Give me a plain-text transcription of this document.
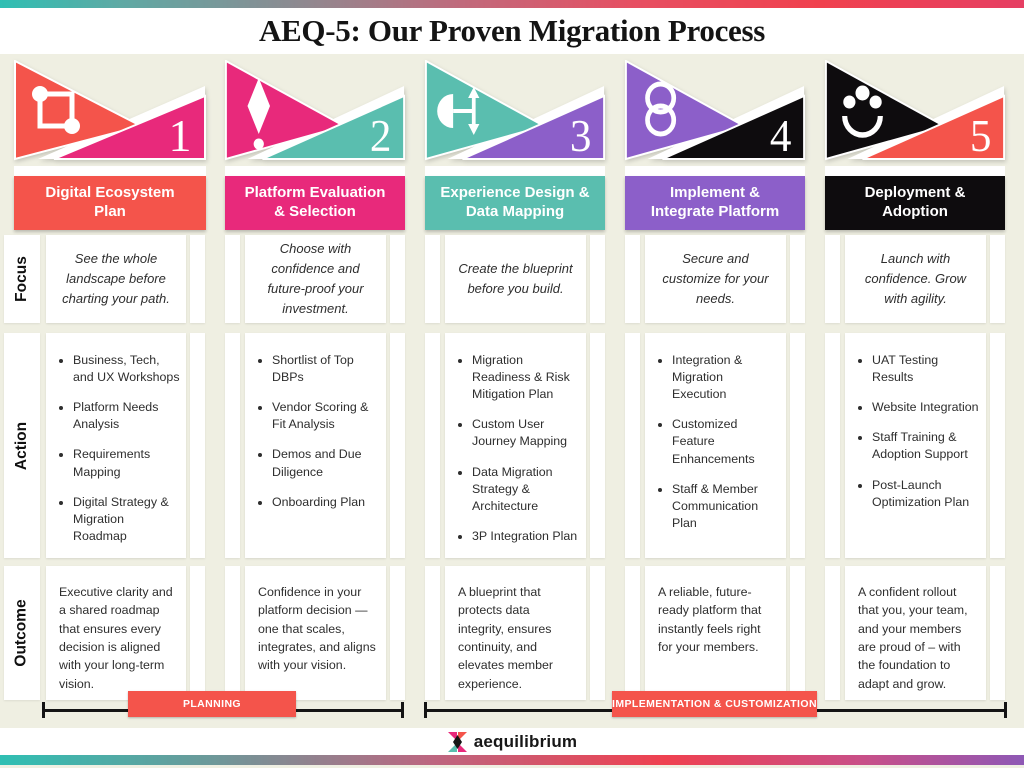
AEQ-5: Our Proven Migration Process
1
Digital Ecosystem Plan
2
Platform Evaluation & Selection
3
Experience Design & Data Mapping
4
Implement & Integrate Platform
5
Deployment & Adoption
Focus	See the whole landscape before charting your path.

Choose with confidence and future-proof your investment.

Create the blueprint before you build.

Secure and customize for your needs.

Launch with confidence. Grow with agility.

Action
• Business, Tech, and UX Workshops
• Platform Needs Analysis
• Requirements Mapping
• Digital Strategy & Migration Roadmap
• Shortlist of Top DBPs
• Vendor Scoring & Fit Analysis
• Demos and Due Diligence
• Onboarding Plan
• Migration Readiness & Risk Mitigation Plan
• Custom User Journey Mapping
• Data Migration Strategy & Architecture
• 3P Integration Plan
• Integration & Migration Execution
• Customized Feature Enhancements
• Staff & Member Communication Plan
• UAT Testing Results
• Website Integration
• Staff Training & Adoption Support
• Post-Launch Optimization Plan
Outcome

Executive clarity and a shared roadmap that ensures every decision is aligned with your long-term vision.

Confidence in your platform decision — one that scales, integrates, and aligns with your vision.

A blueprint that protects data integrity, ensures continuity, and elevates member experience.

A reliable, future-ready platform that instantly feels right for your members.

A confident rollout that you, your team, and your members are proud of – with the foundation to adapt and grow.

PLANNING	IMPLEMENTATION & CUSTOMIZATION
aequilibrium
